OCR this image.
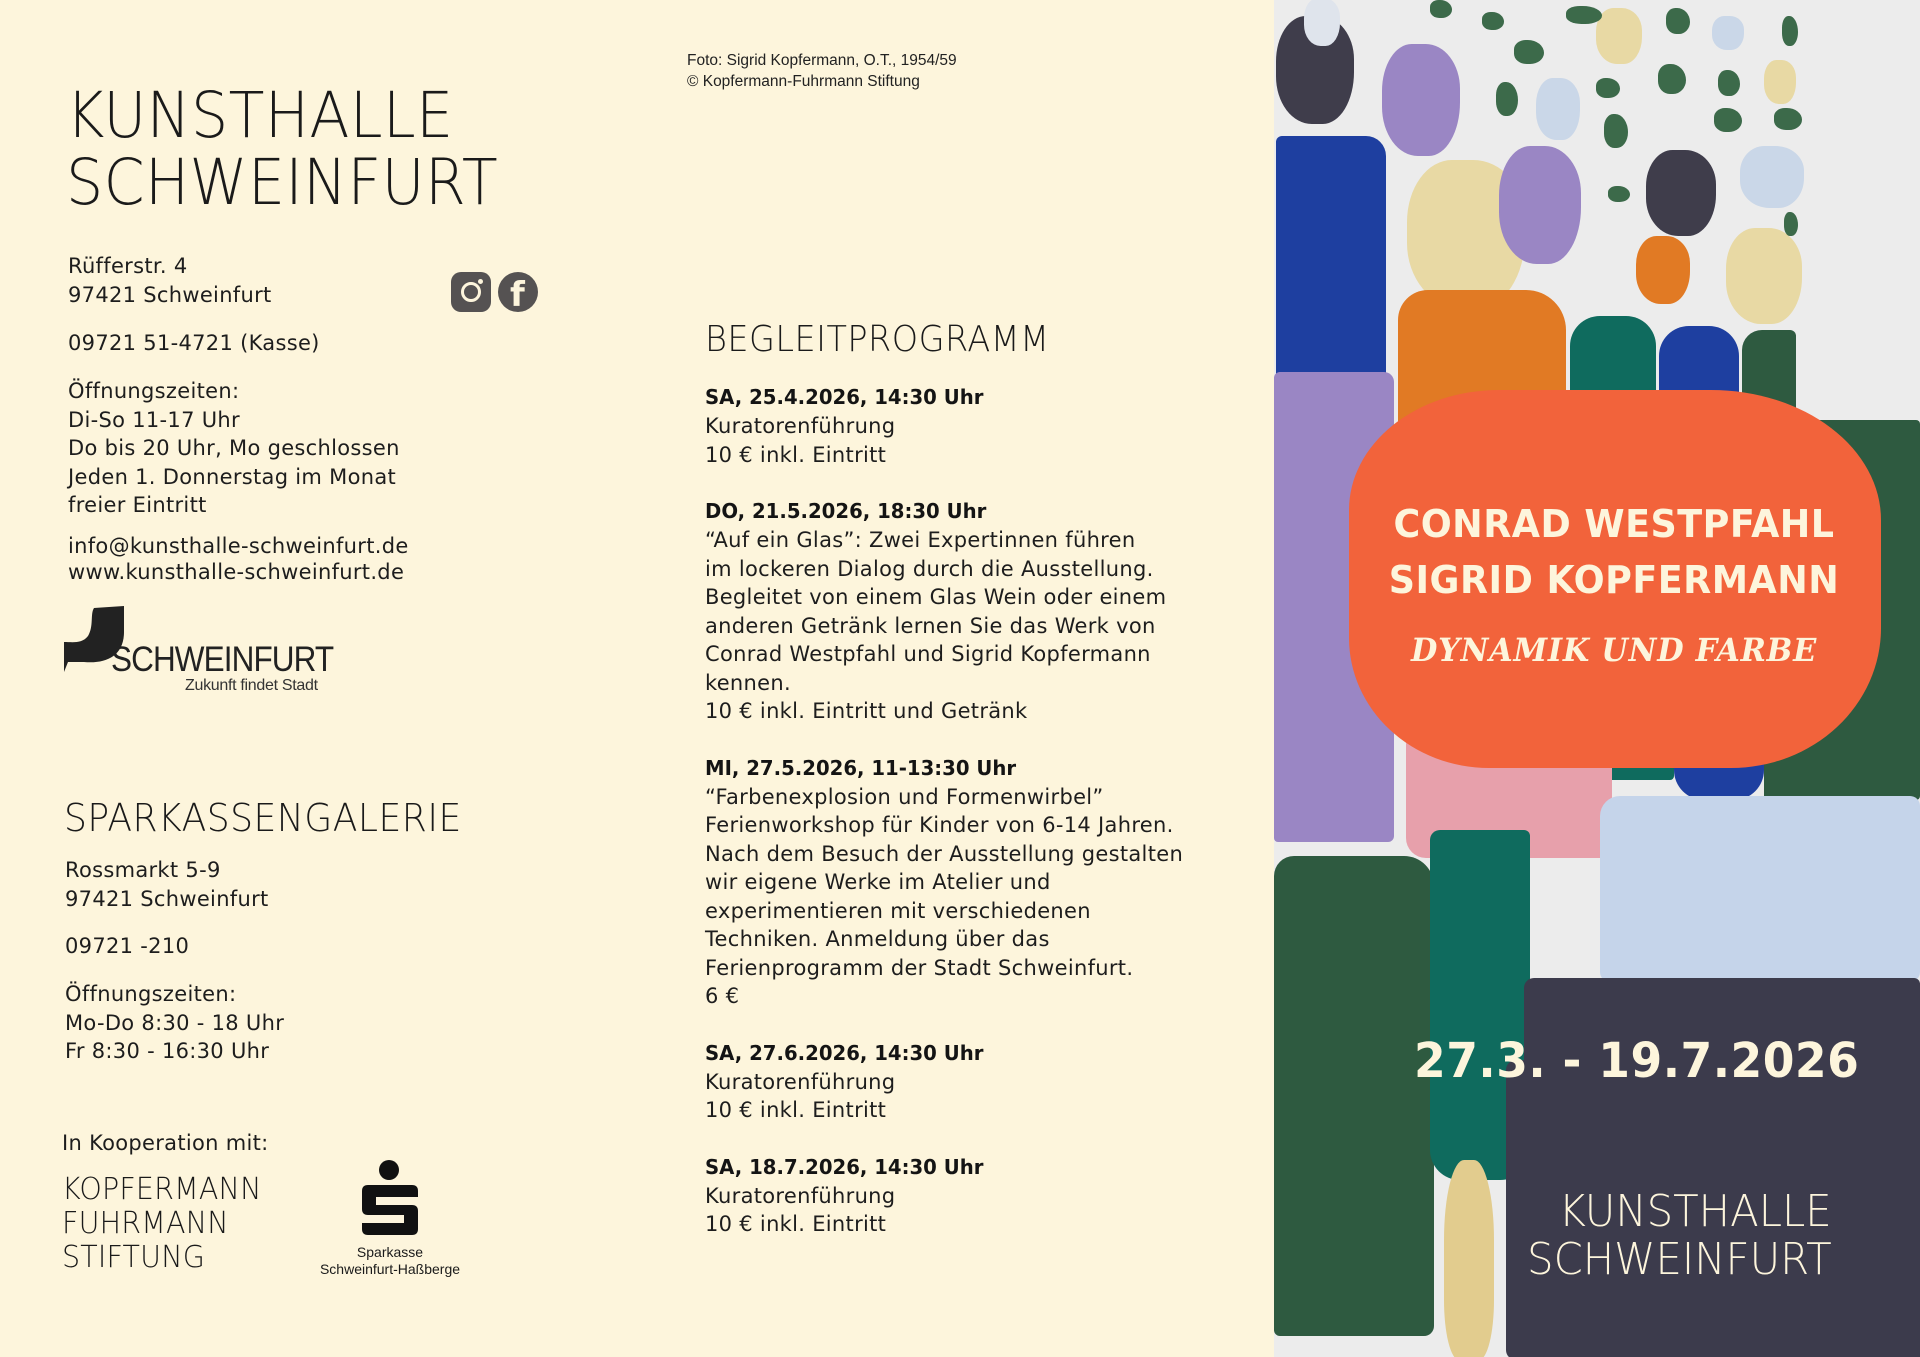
KUNSTHALLE
SCHWEINFURT
Rüfferstr. 4
97421 Schweinfurt	f
09721 51-4721 (Kasse)
Öffnungszeiten:
Di-So 11-17 Uhr
Do bis 20 Uhr, Mo geschlossen
Jeden 1. Donnerstag im Monat
freier Eintritt
info@kunsthalle-schweinfurt.de
www.kunsthalle-schweinfurt.de
SCHWEINFURT
Zukunft findet Stadt
SPARKASSENGALERIE
Rossmarkt 5-9
97421 Schweinfurt
09721 -210
Öffnungszeiten:
Mo-Do 8:30 - 18 Uhr
Fr 8:30 - 16:30 Uhr
In Kooperation mit:
KOPFERMANN
FUHRMANN
STIFTUNG	Sparkasse
Schweinfurt-Haßberge
Foto: Sigrid Kopfermann, O.T., 1954/59
© Kopfermann-Fuhrmann Stiftung
BEGLEITPROGRAMM
SA, 25.4.2026, 14:30 Uhr
Kuratorenführung
10 € inkl. Eintritt
DO, 21.5.2026, 18:30 Uhr
“Auf ein Glas”: Zwei Expertinnen führen
im lockeren Dialog durch die Ausstellung.
Begleitet von einem Glas Wein oder einem
anderen Getränk lernen Sie das Werk von
Conrad Westpfahl und Sigrid Kopfermann
kennen.
10 € inkl. Eintritt und Getränk
MI, 27.5.2026, 11-13:30 Uhr
“Farbenexplosion und Formenwirbel”
Ferienworkshop für Kinder von 6-14 Jahren.
Nach dem Besuch der Ausstellung gestalten
wir eigene Werke im Atelier und
experimentieren mit verschiedenen
Techniken. Anmeldung über das
Ferienprogramm der Stadt Schweinfurt.
6 €
SA, 27.6.2026, 14:30 Uhr
Kuratorenführung
10 € inkl. Eintritt
SA, 18.7.2026, 14:30 Uhr
Kuratorenführung
10 € inkl. Eintritt
CONRAD WESTPFAHL
SIGRID KOPFERMANN
DYNAMIK UND FARBE
27.3. - 19.7.2026
KUNSTHALLE
SCHWEINFURT
